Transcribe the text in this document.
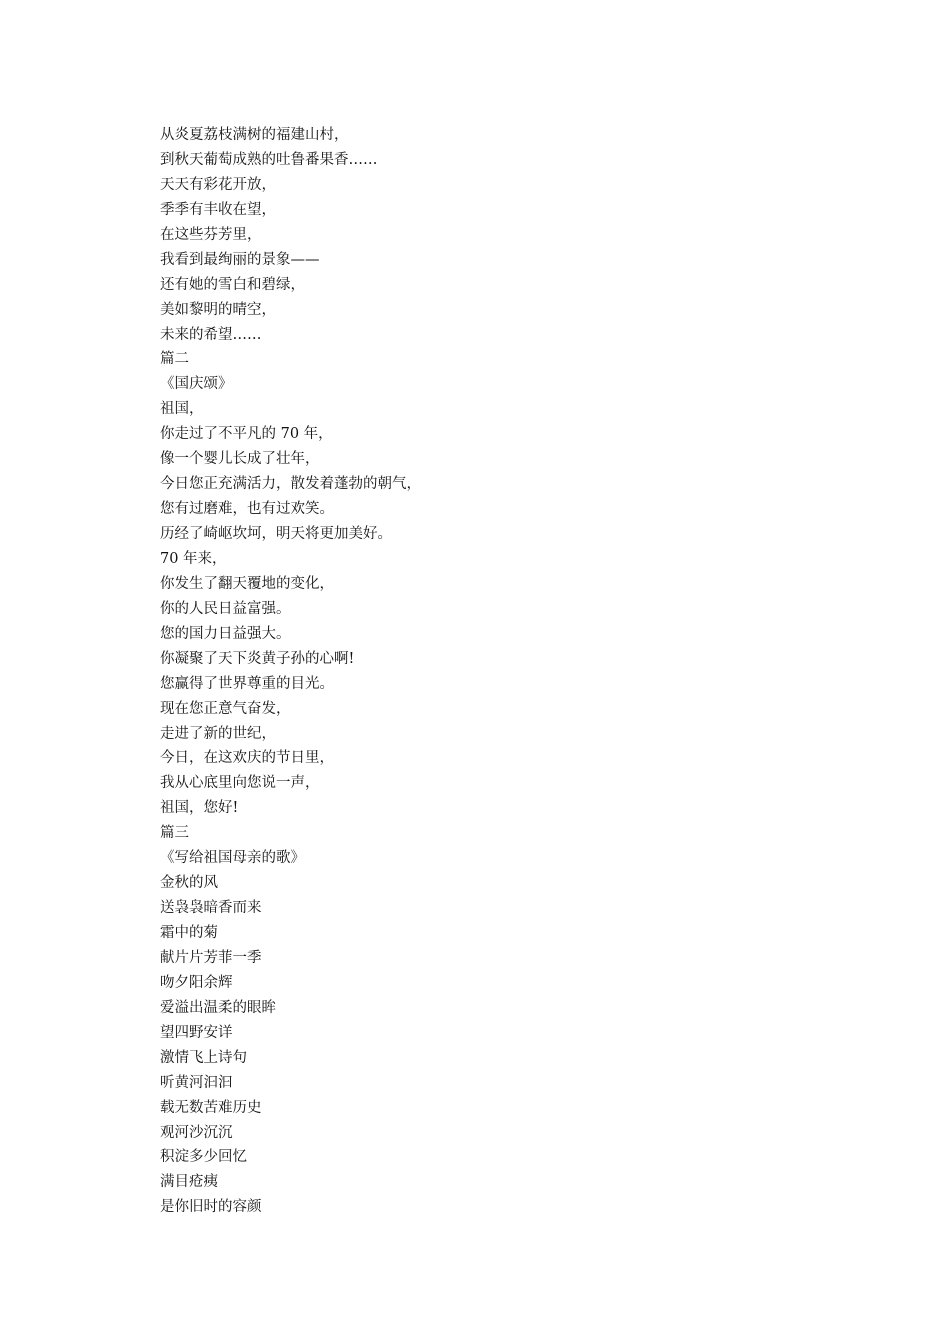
从炎夏荔枝满树的福建山村，
到秋天葡萄成熟的吐鲁番果香……
天天有彩花开放，
季季有丰收在望，
在这些芬芳里，
我看到最绚丽的景象——
还有她的雪白和碧绿，
美如黎明的晴空，
未来的希望……
篇二
《国庆颂》
祖国，
你走过了不平凡的 70 年，
像一个婴儿长成了壮年，
今日您正充满活力，散发着蓬勃的朝气，
您有过磨难，也有过欢笑。
历经了崎岖坎坷，明天将更加美好。
70 年来，
你发生了翻天覆地的变化，
你的人民日益富强。
您的国力日益强大。
你凝聚了天下炎黄子孙的心啊!
您赢得了世界尊重的目光。
现在您正意气奋发，
走进了新的世纪，
今日，在这欢庆的节日里，
我从心底里向您说一声，
祖国，您好!
篇三
《写给祖国母亲的歌》
金秋的风
送袅袅暗香而来
霜中的菊
献片片芳菲一季
吻夕阳余辉
爱溢出温柔的眼眸
望四野安详
激情飞上诗句
听黄河汩汩
载无数苦难历史
观河沙沉沉
积淀多少回忆
满目疮痍
是你旧时的容颜
